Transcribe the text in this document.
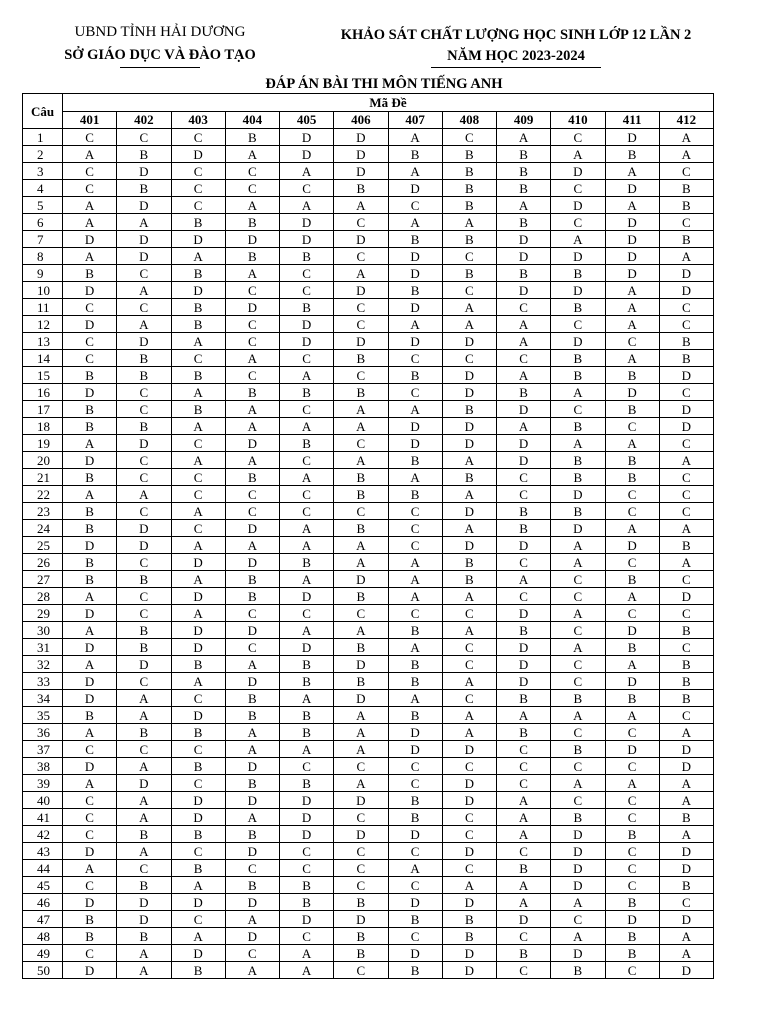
UBND TỈNH HẢI DƯƠNG
SỞ GIÁO DỤC VÀ ĐÀO TẠO
KHẢO SÁT CHẤT LƯỢNG HỌC SINH LỚP 12 LẦN 2
NĂM HỌC 2023-2024
ĐÁP ÁN BÀI THI MÔN TIẾNG ANH
Câu	Mã Đề											
	401	402	403	404	405	406	407	408	409	410	411	412
1	C	C	C	B	D	D	A	C	A	C	D	A
2	A	B	D	A	D	D	B	B	B	A	B	A
3	C	D	C	C	A	D	A	B	B	D	A	C
4	C	B	C	C	C	B	D	B	B	C	D	B
5	A	D	C	A	A	A	C	B	A	D	A	B
6	A	A	B	B	D	C	A	A	B	C	D	C
7	D	D	D	D	D	D	B	B	D	A	D	B
8	A	D	A	B	B	C	D	C	D	D	D	A
9	B	C	B	A	C	A	D	B	B	B	D	D
10	D	A	D	C	C	D	B	C	D	D	A	D
11	C	C	B	D	B	C	D	A	C	B	A	C
12	D	A	B	C	D	C	A	A	A	C	A	C
13	C	D	A	C	D	D	D	D	A	D	C	B
14	C	B	C	A	C	B	C	C	C	B	A	B
15	B	B	B	C	A	C	B	D	A	B	B	D
16	D	C	A	B	B	B	C	D	B	A	D	C
17	B	C	B	A	C	A	A	B	D	C	B	D
18	B	B	A	A	A	A	D	D	A	B	C	D
19	A	D	C	D	B	C	D	D	D	A	A	C
20	D	C	A	A	C	A	B	A	D	B	B	A
21	B	C	C	B	A	B	A	B	C	B	B	C
22	A	A	C	C	C	B	B	A	C	D	C	C
23	B	C	A	C	C	C	C	D	B	B	C	C
24	B	D	C	D	A	B	C	A	B	D	A	A
25	D	D	A	A	A	A	C	D	D	A	D	B
26	B	C	D	D	B	A	A	B	C	A	C	A
27	B	B	A	B	A	D	A	B	A	C	B	C
28	A	C	D	B	D	B	A	A	C	C	A	D
29	D	C	A	C	C	C	C	C	D	A	C	C
30	A	B	D	D	A	A	B	A	B	C	D	B
31	D	B	D	C	D	B	A	C	D	A	B	C
32	A	D	B	A	B	D	B	C	D	C	A	B
33	D	C	A	D	B	B	B	A	D	C	D	B
34	D	A	C	B	A	D	A	C	B	B	B	B
35	B	A	D	B	B	A	B	A	A	A	A	C
36	A	B	B	A	B	A	D	A	B	C	C	A
37	C	C	C	A	A	A	D	D	C	B	D	D
38	D	A	B	D	C	C	C	C	C	C	C	D
39	A	D	C	B	B	A	C	D	C	A	A	A
40	C	A	D	D	D	D	B	D	A	C	C	A
41	C	A	D	A	D	C	B	C	A	B	C	B
42	C	B	B	B	D	D	D	C	A	D	B	A
43	D	A	C	D	C	C	C	D	C	D	C	D
44	A	C	B	C	C	C	A	C	B	D	C	D
45	C	B	A	B	B	C	C	A	A	D	C	B
46	D	D	D	D	B	B	D	D	A	A	B	C
47	B	D	C	A	D	D	B	B	D	C	D	D
48	B	B	A	D	C	B	C	B	C	A	B	A
49	C	A	D	C	A	B	D	D	B	D	B	A
50	D	A	B	A	A	C	B	D	C	B	C	D
